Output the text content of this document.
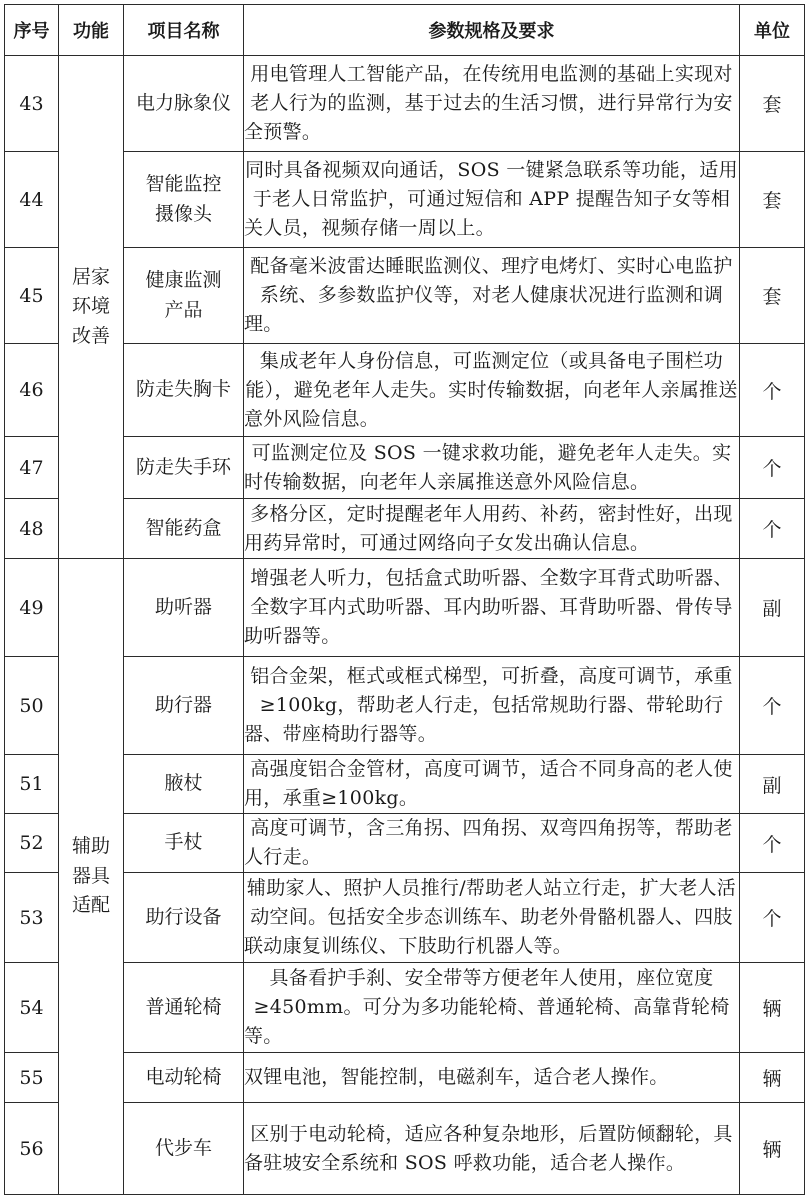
序号	功能	项目名称	参数规格及要求	单位
43	居家环境改善	电力脉象仪	用电管理人工智能产品，在传统用电监测的基础上实现对老人行为的监测，基于过去的生活习惯，进行异常行为安全预警。	套
44		智能监控摄像头	同时具备视频双向通话，SOS 一键紧急联系等功能，适用于老人日常监护，可通过短信和 APP 提醒告知子女等相关人员，视频存储一周以上。	套
45		健康监测产品	配备毫米波雷达睡眠监测仪、理疗电烤灯、实时心电监护系统、多参数监护仪等，对老人健康状况进行监测和调理。	套
46		防走失胸卡	集成老年人身份信息，可监测定位（或具备电子围栏功能），避免老年人走失。实时传输数据，向老年人亲属推送意外风险信息。	个
47		防走失手环	可监测定位及 SOS 一键求救功能，避免老年人走失。实时传输数据，向老年人亲属推送意外风险信息。	个
48		智能药盒	多格分区，定时提醒老年人用药、补药，密封性好，出现用药异常时，可通过网络向子女发出确认信息。	个
49	辅助器具适配	助听器	增强老人听力，包括盒式助听器、全数字耳背式助听器、全数字耳内式助听器、耳内助听器、耳背助听器、骨传导助听器等。	副
50		助行器	铝合金架，框式或框式梯型，可折叠，高度可调节，承重≥100kg，帮助老人行走，包括常规助行器、带轮助行器、带座椅助行器等。	个
51		腋杖	高强度铝合金管材，高度可调节，适合不同身高的老人使用，承重≥100kg。	副
52		手杖	高度可调节，含三角拐、四角拐、双弯四角拐等，帮助老人行走。	个
53		助行设备	辅助家人、照护人员推行/帮助老人站立行走，扩大老人活动空间。包括安全步态训练车、助老外骨骼机器人、四肢联动康复训练仪、下肢助行机器人等。	个
54		普通轮椅	具备看护手刹、安全带等方便老年人使用，座位宽度≥450mm。可分为多功能轮椅、普通轮椅、高靠背轮椅等。	辆
55		电动轮椅	双锂电池，智能控制，电磁刹车，适合老人操作。	辆
56		代步车	区别于电动轮椅，适应各种复杂地形，后置防倾翻轮，具备驻坡安全系统和 SOS 呼救功能，适合老人操作。	辆
